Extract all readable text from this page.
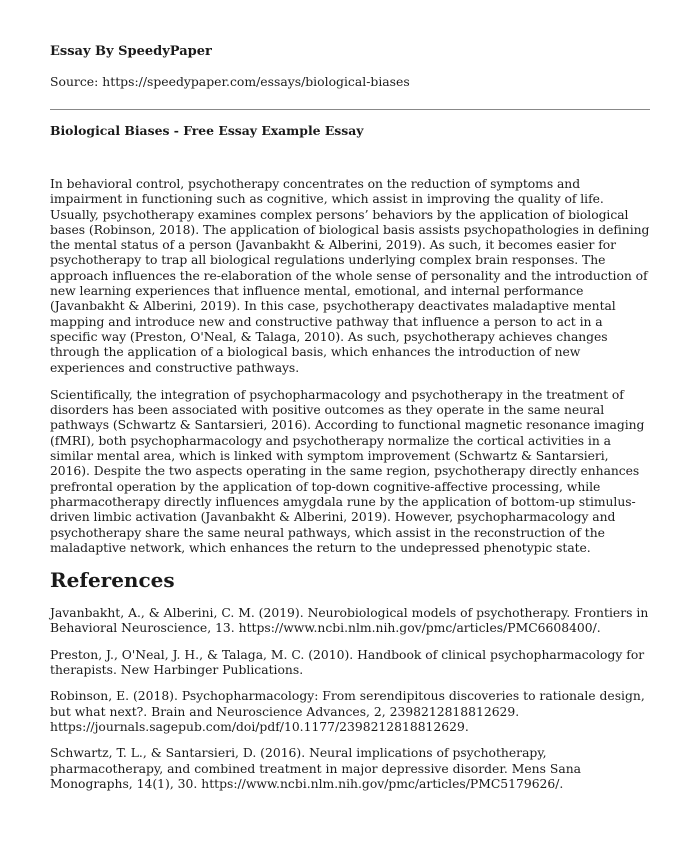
Essay By SpeedyPaper

Source: https://speedypaper.com/essays/biological-biases

Biological Biases - Free Essay Example Essay

In behavioral control, psychotherapy concentrates on the reduction of symptoms and impairment in functioning such as cognitive, which assist in improving the quality of life. Usually, psychotherapy examines complex persons’ behaviors by the application of biological bases (Robinson, 2018). The application of biological basis assists psychopathologies in defining the mental status of a person (Javanbakht & Alberini, 2019). As such, it becomes easier for psychotherapy to trap all biological regulations underlying complex brain responses. The approach influences the re-elaboration of the whole sense of personality and the introduction of new learning experiences that influence mental, emotional, and internal performance (Javanbakht & Alberini, 2019). In this case, psychotherapy deactivates maladaptive mental mapping and introduce new and constructive pathway that influence a person to act in a specific way (Preston, O'Neal, & Talaga, 2010). As such, psychotherapy achieves changes through the application of a biological basis, which enhances the introduction of new experiences and constructive pathways.

Scientifically, the integration of psychopharmacology and psychotherapy in the treatment of disorders has been associated with positive outcomes as they operate in the same neural pathways (Schwartz & Santarsieri, 2016). According to functional magnetic resonance imaging (fMRI), both psychopharmacology and psychotherapy normalize the cortical activities in a similar mental area, which is linked with symptom improvement (Schwartz & Santarsieri, 2016). Despite the two aspects operating in the same region, psychotherapy directly enhances prefrontal operation by the application of top-down cognitive-affective processing, while pharmacotherapy directly influences amygdala rune by the application of bottom-up stimulus-driven limbic activation (Javanbakht & Alberini, 2019). However, psychopharmacology and psychotherapy share the same neural pathways, which assist in the reconstruction of the maladaptive network, which enhances the return to the undepressed phenotypic state.

References

Javanbakht, A., & Alberini, C. M. (2019). Neurobiological models of psychotherapy. Frontiers in Behavioral Neuroscience, 13. https://www.ncbi.nlm.nih.gov/pmc/articles/PMC6608400/.

Preston, J., O'Neal, J. H., & Talaga, M. C. (2010). Handbook of clinical psychopharmacology for therapists. New Harbinger Publications.

Robinson, E. (2018). Psychopharmacology: From serendipitous discoveries to rationale design, but what next?. Brain and Neuroscience Advances, 2, 2398212818812629. https://journals.sagepub.com/doi/pdf/10.1177/2398212818812629.

Schwartz, T. L., & Santarsieri, D. (2016). Neural implications of psychotherapy, pharmacotherapy, and combined treatment in major depressive disorder. Mens Sana Monographs, 14(1), 30. https://www.ncbi.nlm.nih.gov/pmc/articles/PMC5179626/.
